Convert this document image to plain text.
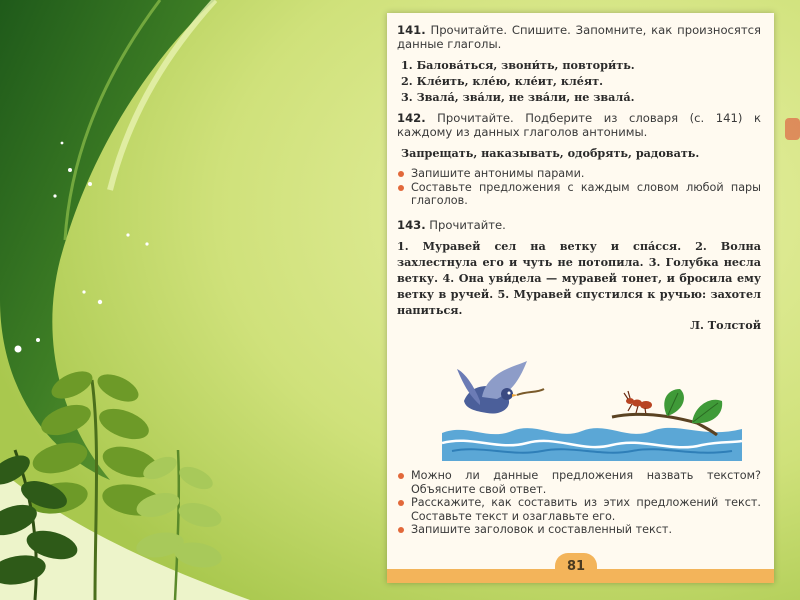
141. Прочитайте. Спишите. Запомните, как произносятся данные глаголы.

1. Балова́ться, звони́ть, повтори́ть.

2. Кле́ить, кле́ю, кле́ит, кле́ят.

3. Звала́, зва́ли, не зва́ли, не звала́.

142. Прочитайте. Подберите из словаря (с. 141) к каждому из данных глаголов антонимы.

Запрещать, наказывать, одобрять, радовать.

Запишите антонимы парами.
Составьте предложения с каждым словом любой пары глаголов.

143. Прочитайте.

1. Муравей сел на ветку и спа́сся. 2. Волна захлестнула его и чуть не потопила. 3. Голубка несла ветку. 4. Она уви́дела — муравей тонет, и бросила ему ветку в ручей. 5. Муравей спустился к ручью: захотел напиться.

Л. Толстой

Можно ли данные предложения назвать текстом? Объясните свой ответ.
Расскажите, как составить из этих предложений текст. Составьте текст и озаглавьте его.
Запишите заголовок и составленный текст.
81
